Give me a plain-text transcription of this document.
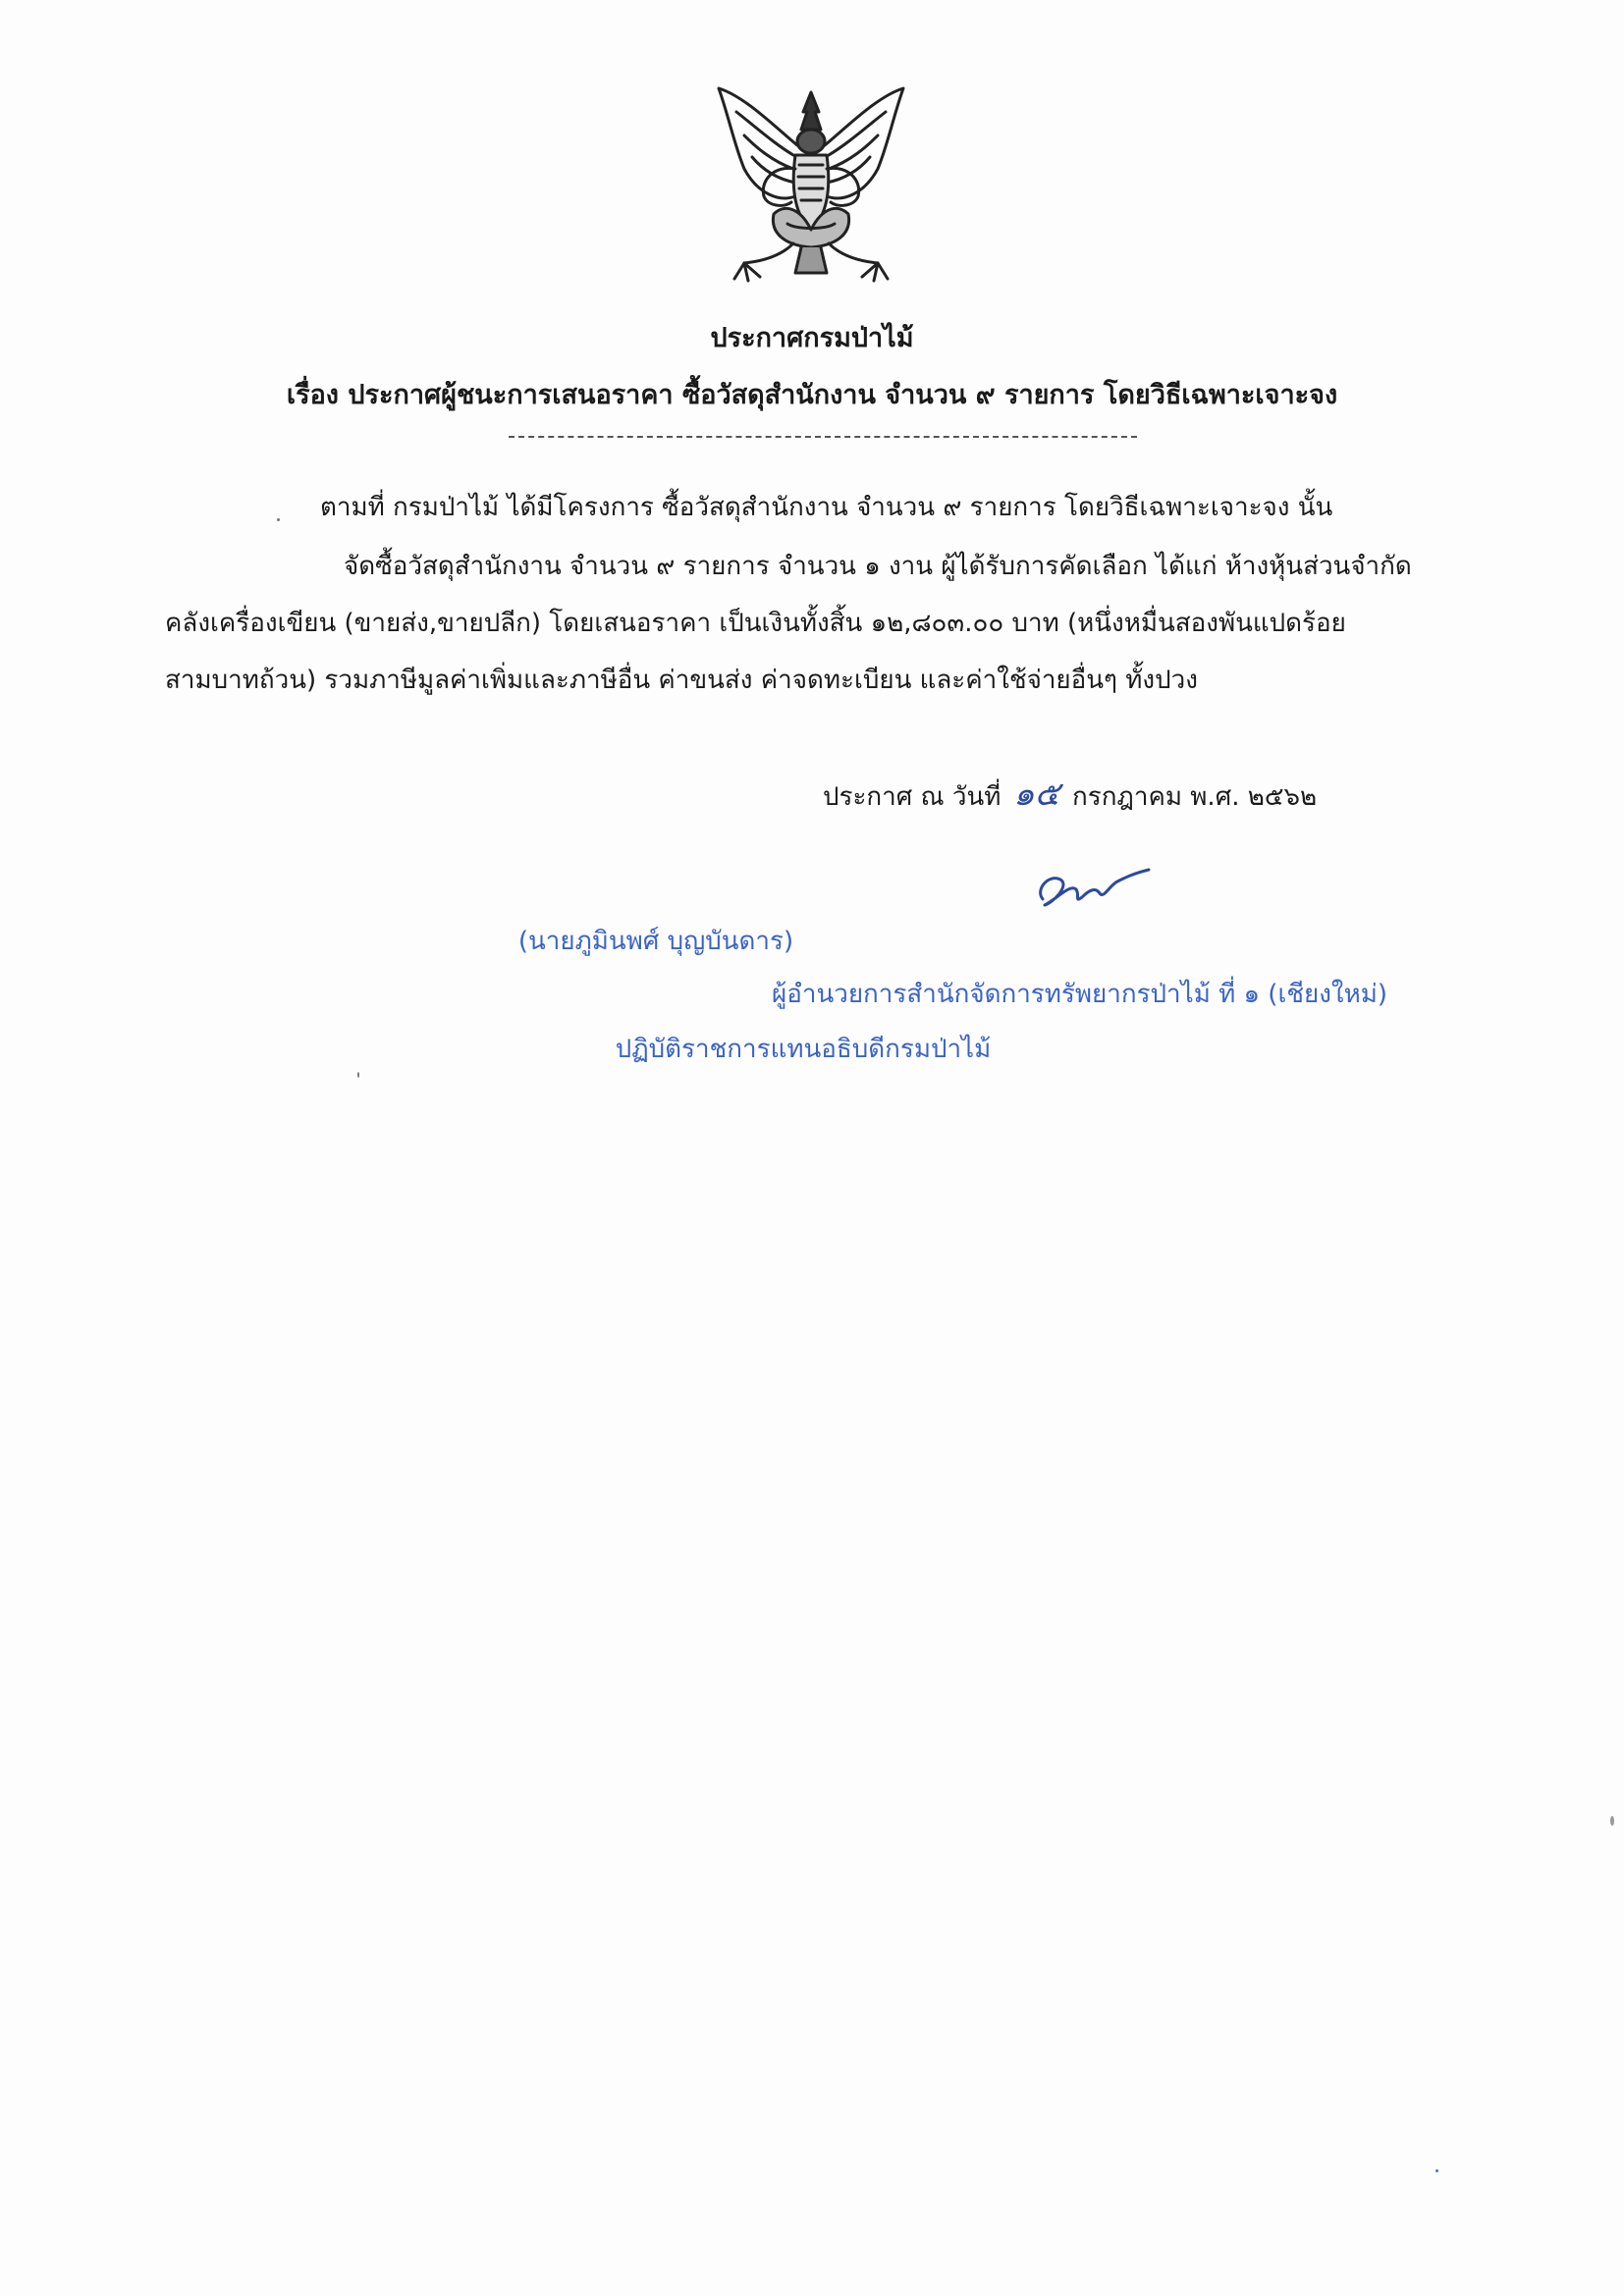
ประกาศกรมป่าไม้
เรื่อง ประกาศผู้ชนะการเสนอราคา ซื้อวัสดุสำนักงาน จำนวน ๙ รายการ โดยวิธีเฉพาะเจาะจง
ตามที่ กรมป่าไม้ ได้มีโครงการ ซื้อวัสดุสำนักงาน จำนวน ๙ รายการ โดยวิธีเฉพาะเจาะจง นั้น
จัดซื้อวัสดุสำนักงาน จำนวน ๙ รายการ จำนวน ๑ งาน ผู้ได้รับการคัดเลือก ได้แก่ ห้างหุ้นส่วนจำกัด
คลังเครื่องเขียน (ขายส่ง,ขายปลีก) โดยเสนอราคา เป็นเงินทั้งสิ้น ๑๒,๘๐๓.๐๐ บาท (หนึ่งหมื่นสองพันแปดร้อย
สามบาทถ้วน) รวมภาษีมูลค่าเพิ่มและภาษีอื่น ค่าขนส่ง ค่าจดทะเบียน และค่าใช้จ่ายอื่นๆ ทั้งปวง
ประกาศ ณ วันที่ ๑๕ กรกฎาคม พ.ศ. ๒๕๖๒
(นายภูมินพศ์ บุญบันดาร)
ผู้อำนวยการสำนักจัดการทรัพยากรป่าไม้ ที่ ๑ (เชียงใหม่)
ปฏิบัติราชการแทนอธิบดีกรมป่าไม้
